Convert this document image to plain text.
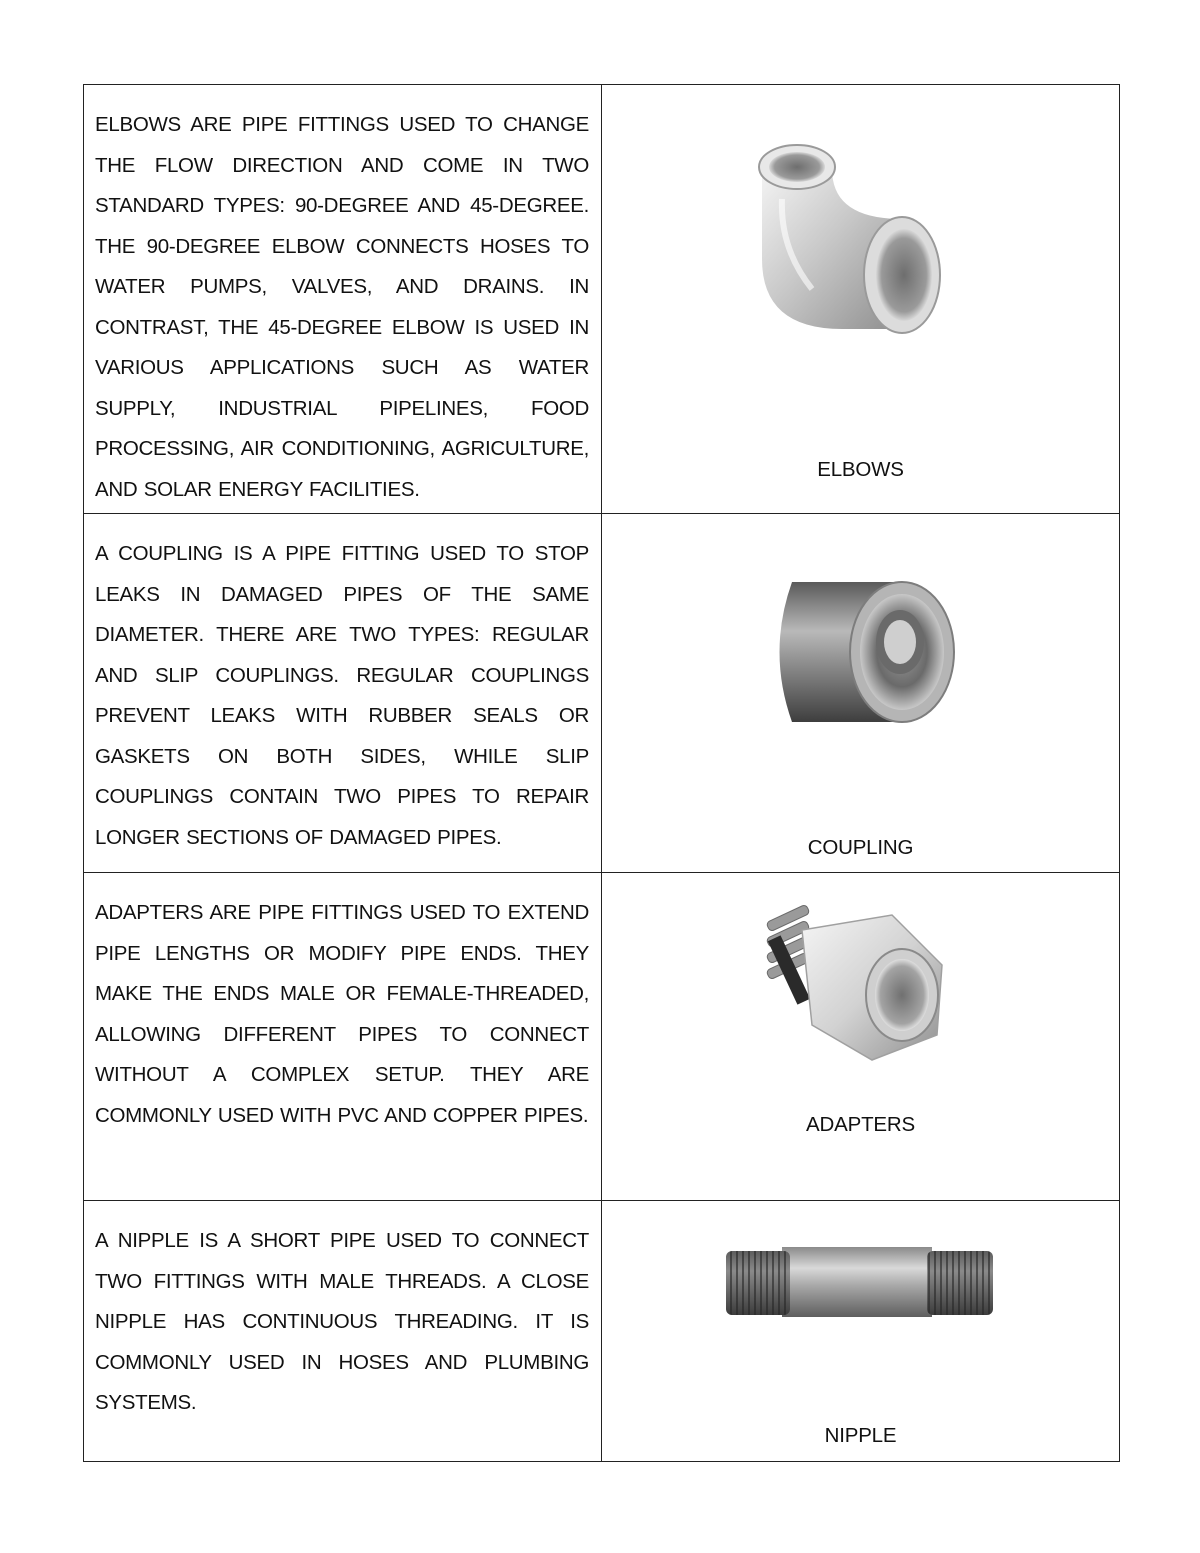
ELBOWS ARE PIPE FITTINGS USED TO CHANGE THE FLOW DIRECTION AND COME IN TWO STANDARD TYPES: 90-DEGREE AND 45-DEGREE. THE 90-DEGREE ELBOW CONNECTS HOSES TO WATER PUMPS, VALVES, AND DRAINS. IN CONTRAST, THE 45-DEGREE ELBOW IS USED IN VARIOUS APPLICATIONS SUCH AS WATER SUPPLY, INDUSTRIAL PIPELINES, FOOD PROCESSING, AIR CONDITIONING, AGRICULTURE, AND SOLAR ENERGY FACILITIES.	ELBOWS

A COUPLING IS A PIPE FITTING USED TO STOP LEAKS IN DAMAGED PIPES OF THE SAME DIAMETER. THERE ARE TWO TYPES: REGULAR AND SLIP COUPLINGS. REGULAR COUPLINGS PREVENT LEAKS WITH RUBBER SEALS OR GASKETS ON BOTH SIDES, WHILE SLIP COUPLINGS CONTAIN TWO PIPES TO REPAIR LONGER SECTIONS OF DAMAGED PIPES.	COUPLING

ADAPTERS ARE PIPE FITTINGS USED TO EXTEND PIPE LENGTHS OR MODIFY PIPE ENDS. THEY MAKE THE ENDS MALE OR FEMALE-THREADED, ALLOWING DIFFERENT PIPES TO CONNECT WITHOUT A COMPLEX SETUP. THEY ARE COMMONLY USED WITH PVC AND COPPER PIPES.	ADAPTERS

A NIPPLE IS A SHORT PIPE USED TO CONNECT TWO FITTINGS WITH MALE THREADS. A CLOSE NIPPLE HAS CONTINUOUS THREADING. IT IS COMMONLY USED IN HOSES AND PLUMBING SYSTEMS.	NIPPLE
